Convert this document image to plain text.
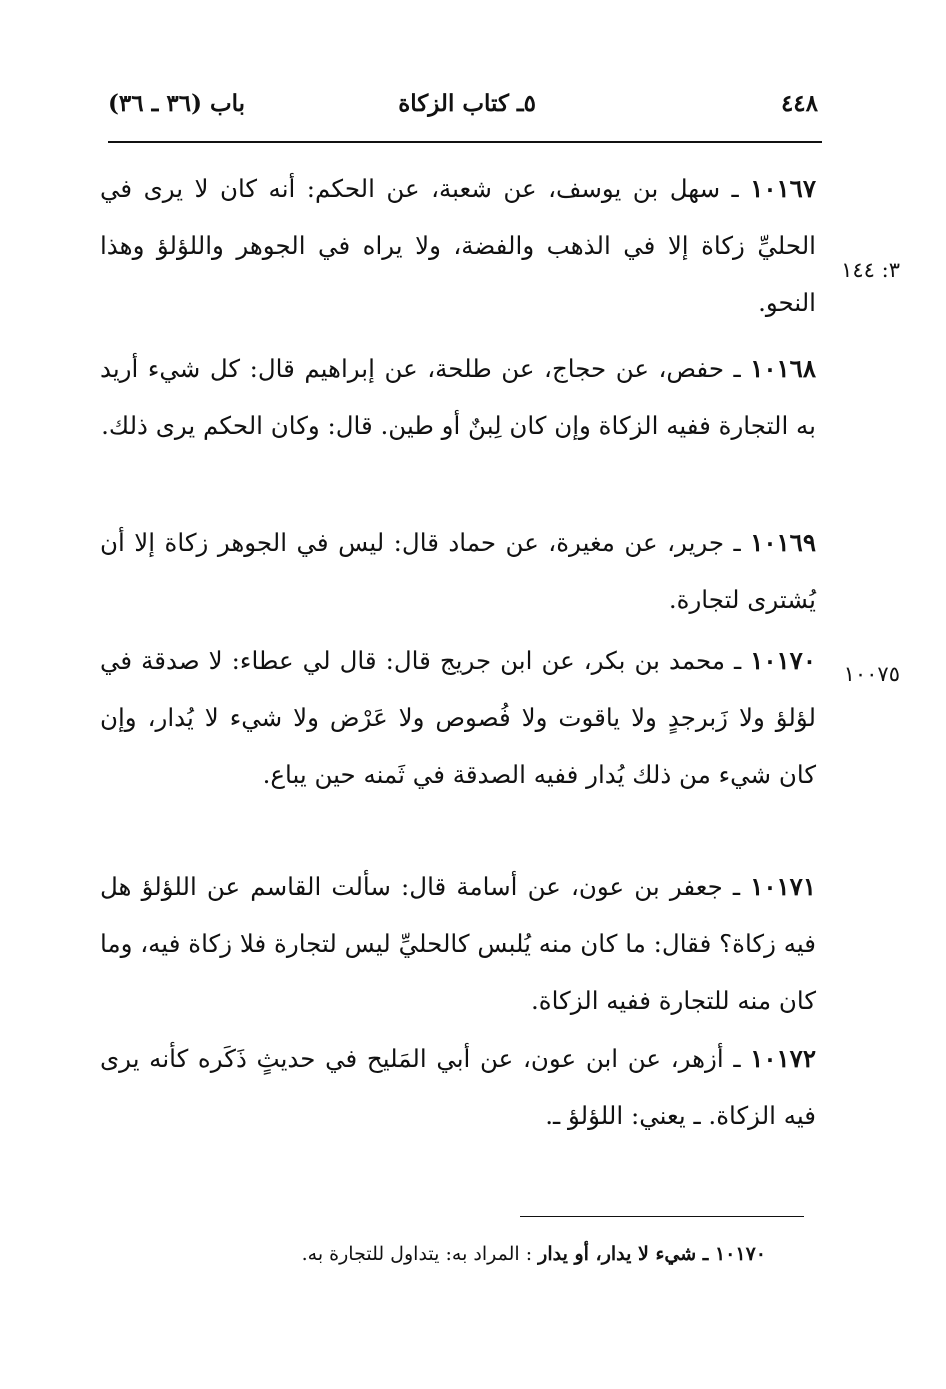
٤٤٨
٥ـ كتاب الزكاة
باب (٣٦ ـ ٣٦)
٣: ١٤٤
١٠٠٧٥
١٠١٦٧ ـ سهل بن يوسف، عن شعبة، عن الحكم: أنه كان لا يرى في الحليِّ زكاة إلا في الذهب والفضة، ولا يراه في الجوهر واللؤلؤ وهذا النحو.
١٠١٦٨ ـ حفص، عن حجاج، عن طلحة، عن إبراهيم قال: كل شيء أريد به التجارة ففيه الزكاة وإن كان لِبنٌ أو طين. قال: وكان الحكم يرى ذلك.
١٠١٦٩ ـ جرير، عن مغيرة، عن حماد قال: ليس في الجوهر زكاة إلا أن يُشترى لتجارة.
١٠١٧٠ ـ محمد بن بكر، عن ابن جريج قال: قال لي عطاء: لا صدقة في لؤلؤ ولا زَبرجدٍ ولا ياقوت ولا فُصوص ولا عَرْض ولا شيء لا يُدار، وإن كان شيء من ذلك يُدار ففيه الصدقة في ثَمنه حين يباع.
١٠١٧١ ـ جعفر بن عون، عن أسامة قال: سألت القاسم عن اللؤلؤ هل فيه زكاة؟ فقال: ما كان منه يُلبس كالحليِّ ليس لتجارة فلا زكاة فيه، وما كان منه للتجارة ففيه الزكاة.
١٠١٧٢ ـ أزهر، عن ابن عون، عن أبي المَليح في حديثٍ ذَكَره كأنه يرى فيه الزكاة. ـ يعني: اللؤلؤ ـ.
١٠١٧٠ ـ شيء لا يدار، أو يدار : المراد به: يتداول للتجارة به.
